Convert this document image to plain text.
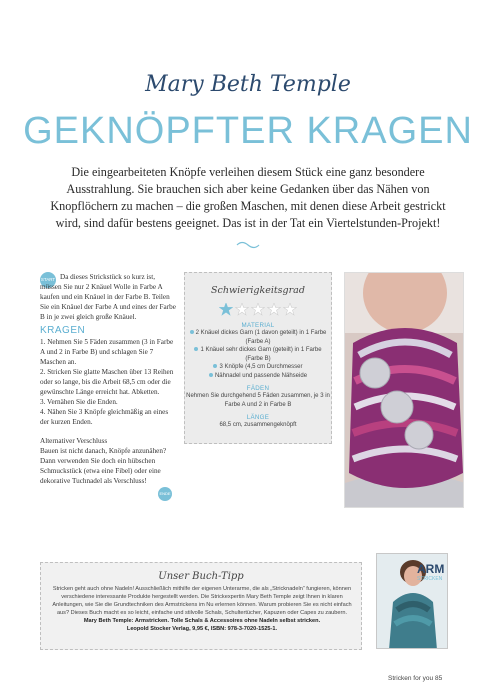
Mary Beth Temple
GEKNÖPFTER KRAGEN

Die eingearbeiteten Knöpfe verleihen diesem Stück eine ganz besondere Ausstrahlung. Sie brauchen sich aber keine Gedanken über das Nähen von Knopflöchern zu machen – die großen Maschen, mit denen diese Arbeit gestrickt wird, sind dafür bestens geeignet. Das ist in der Tat ein Viertelstunden-Projekt!

START Da dieses Strickstück so kurz ist, müssen Sie nur 2 Knäuel Wolle in Farbe A kaufen und ein Knäuel in der Farbe B. Teilen Sie ein Knäuel der Farbe A und eines der Farbe B in je zwei gleich große Knäuel.

KRAGEN

1. Nehmen Sie 5 Fäden zusammen (3 in Farbe A und 2 in Farbe B) und schlagen Sie 7 Maschen an.

2. Stricken Sie glatte Maschen über 13 Reihen oder so lange, bis die Arbeit 68,5 cm oder die gewünschte Länge erreicht hat. Abketten.

3. Vernähen Sie die Enden.

4. Nähen Sie 3 Knöpfe gleichmäßig an eines der kurzen Enden.

Alternativer Verschluss
Bauen ist nicht danach, Knöpfe anzunähen? Dann verwenden Sie doch ein hübschen Schmuckstück (etwa eine Fibel) oder eine dekorative Tuchnadel als Verschluss!

ENDE
Schwierigkeitsgrad
MATERIAL
2 Knäuel dickes Garn (1 davon geteilt) in 1 Farbe (Farbe A)
1 Knäuel sehr dickes Garn (geteilt) in 1 Farbe (Farbe B)
3 Knöpfe (4,5 cm Durchmesser
Nähnadel und passende Nähseide
FÄDEN
Nehmen Sie durchgehend 5 Fäden zusammen, je 3 in Farbe A und 2 in Farbe B
LÄNGE
68,5 cm, zusammengeknöpft
Unser Buch-Tipp

Stricken geht auch ohne Nadeln! Ausschließlich mithilfe der eigenen Unterarme, die als „Stricknadeln“ fungieren, können verschiedene interessante Produkte hergestellt werden. Die Strickexpertin Mary Beth Temple zeigt Ihnen in klaren Anleitungen, wie Sie die Grundtechniken des Armstrickens im Nu erlernen können. Warum probieren Sie es nicht einfach aus? Dieses Buch macht es so leicht, einfache und stilvolle Schals, Schultertücher, Kapuzen oder Capes zu zaubern.

Mary Beth Temple: Armstricken. Tolle Schals & Accessoires ohne Nadeln selbst stricken.

Leopold Stocker Verlag, 9,95 €, ISBN: 978-3-7020-1525-1.

ARM
STRICKEN
Stricken for you 85
